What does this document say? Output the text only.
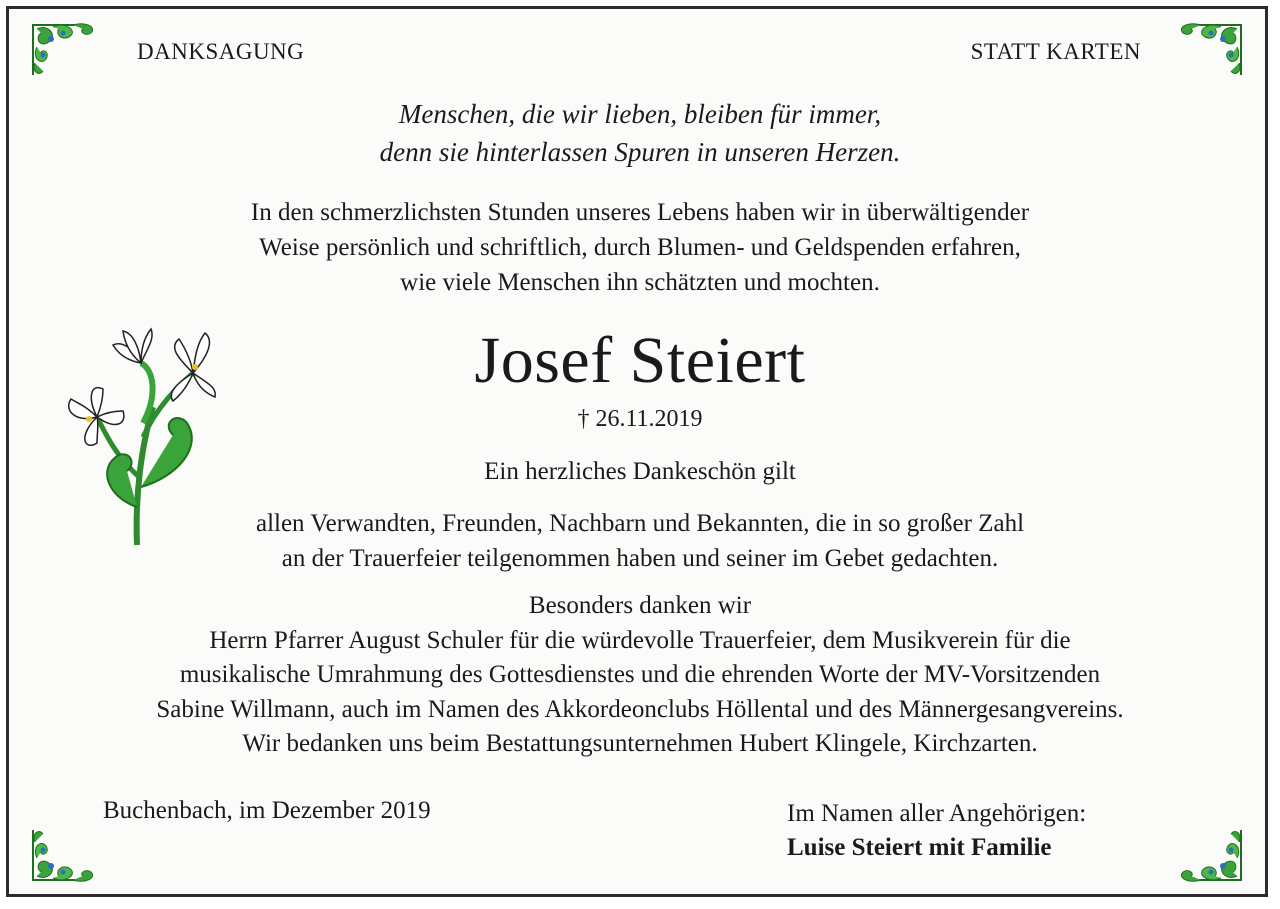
DANKSAGUNG	STATT KARTEN
Menschen, die wir lieben, bleiben für immer,
denn sie hinterlassen Spuren in unseren Herzen.
In den schmerzlichsten Stunden unseres Lebens haben wir in überwältigender
Weise persönlich und schriftlich, durch Blumen- und Geldspenden erfahren,
wie viele Menschen ihn schätzten und mochten.
Josef Steiert
† 26.11.2019
Ein herzliches Dankeschön gilt
allen Verwandten, Freunden, Nachbarn und Bekannten, die in so großer Zahl
an der Trauerfeier teilgenommen haben und seiner im Gebet gedachten.
Besonders danken wir
Herrn Pfarrer August Schuler für die würdevolle Trauerfeier, dem Musikverein für die
musikalische Umrahmung des Gottesdienstes und die ehrenden Worte der MV-Vorsitzenden
Sabine Willmann, auch im Namen des Akkordeonclubs Höllental und des Männergesangvereins.
Wir bedanken uns beim Bestattungsunternehmen Hubert Klingele, Kirchzarten.
Buchenbach, im Dezember 2019	Im Namen aller Angehörigen:
Luise Steiert mit Familie
